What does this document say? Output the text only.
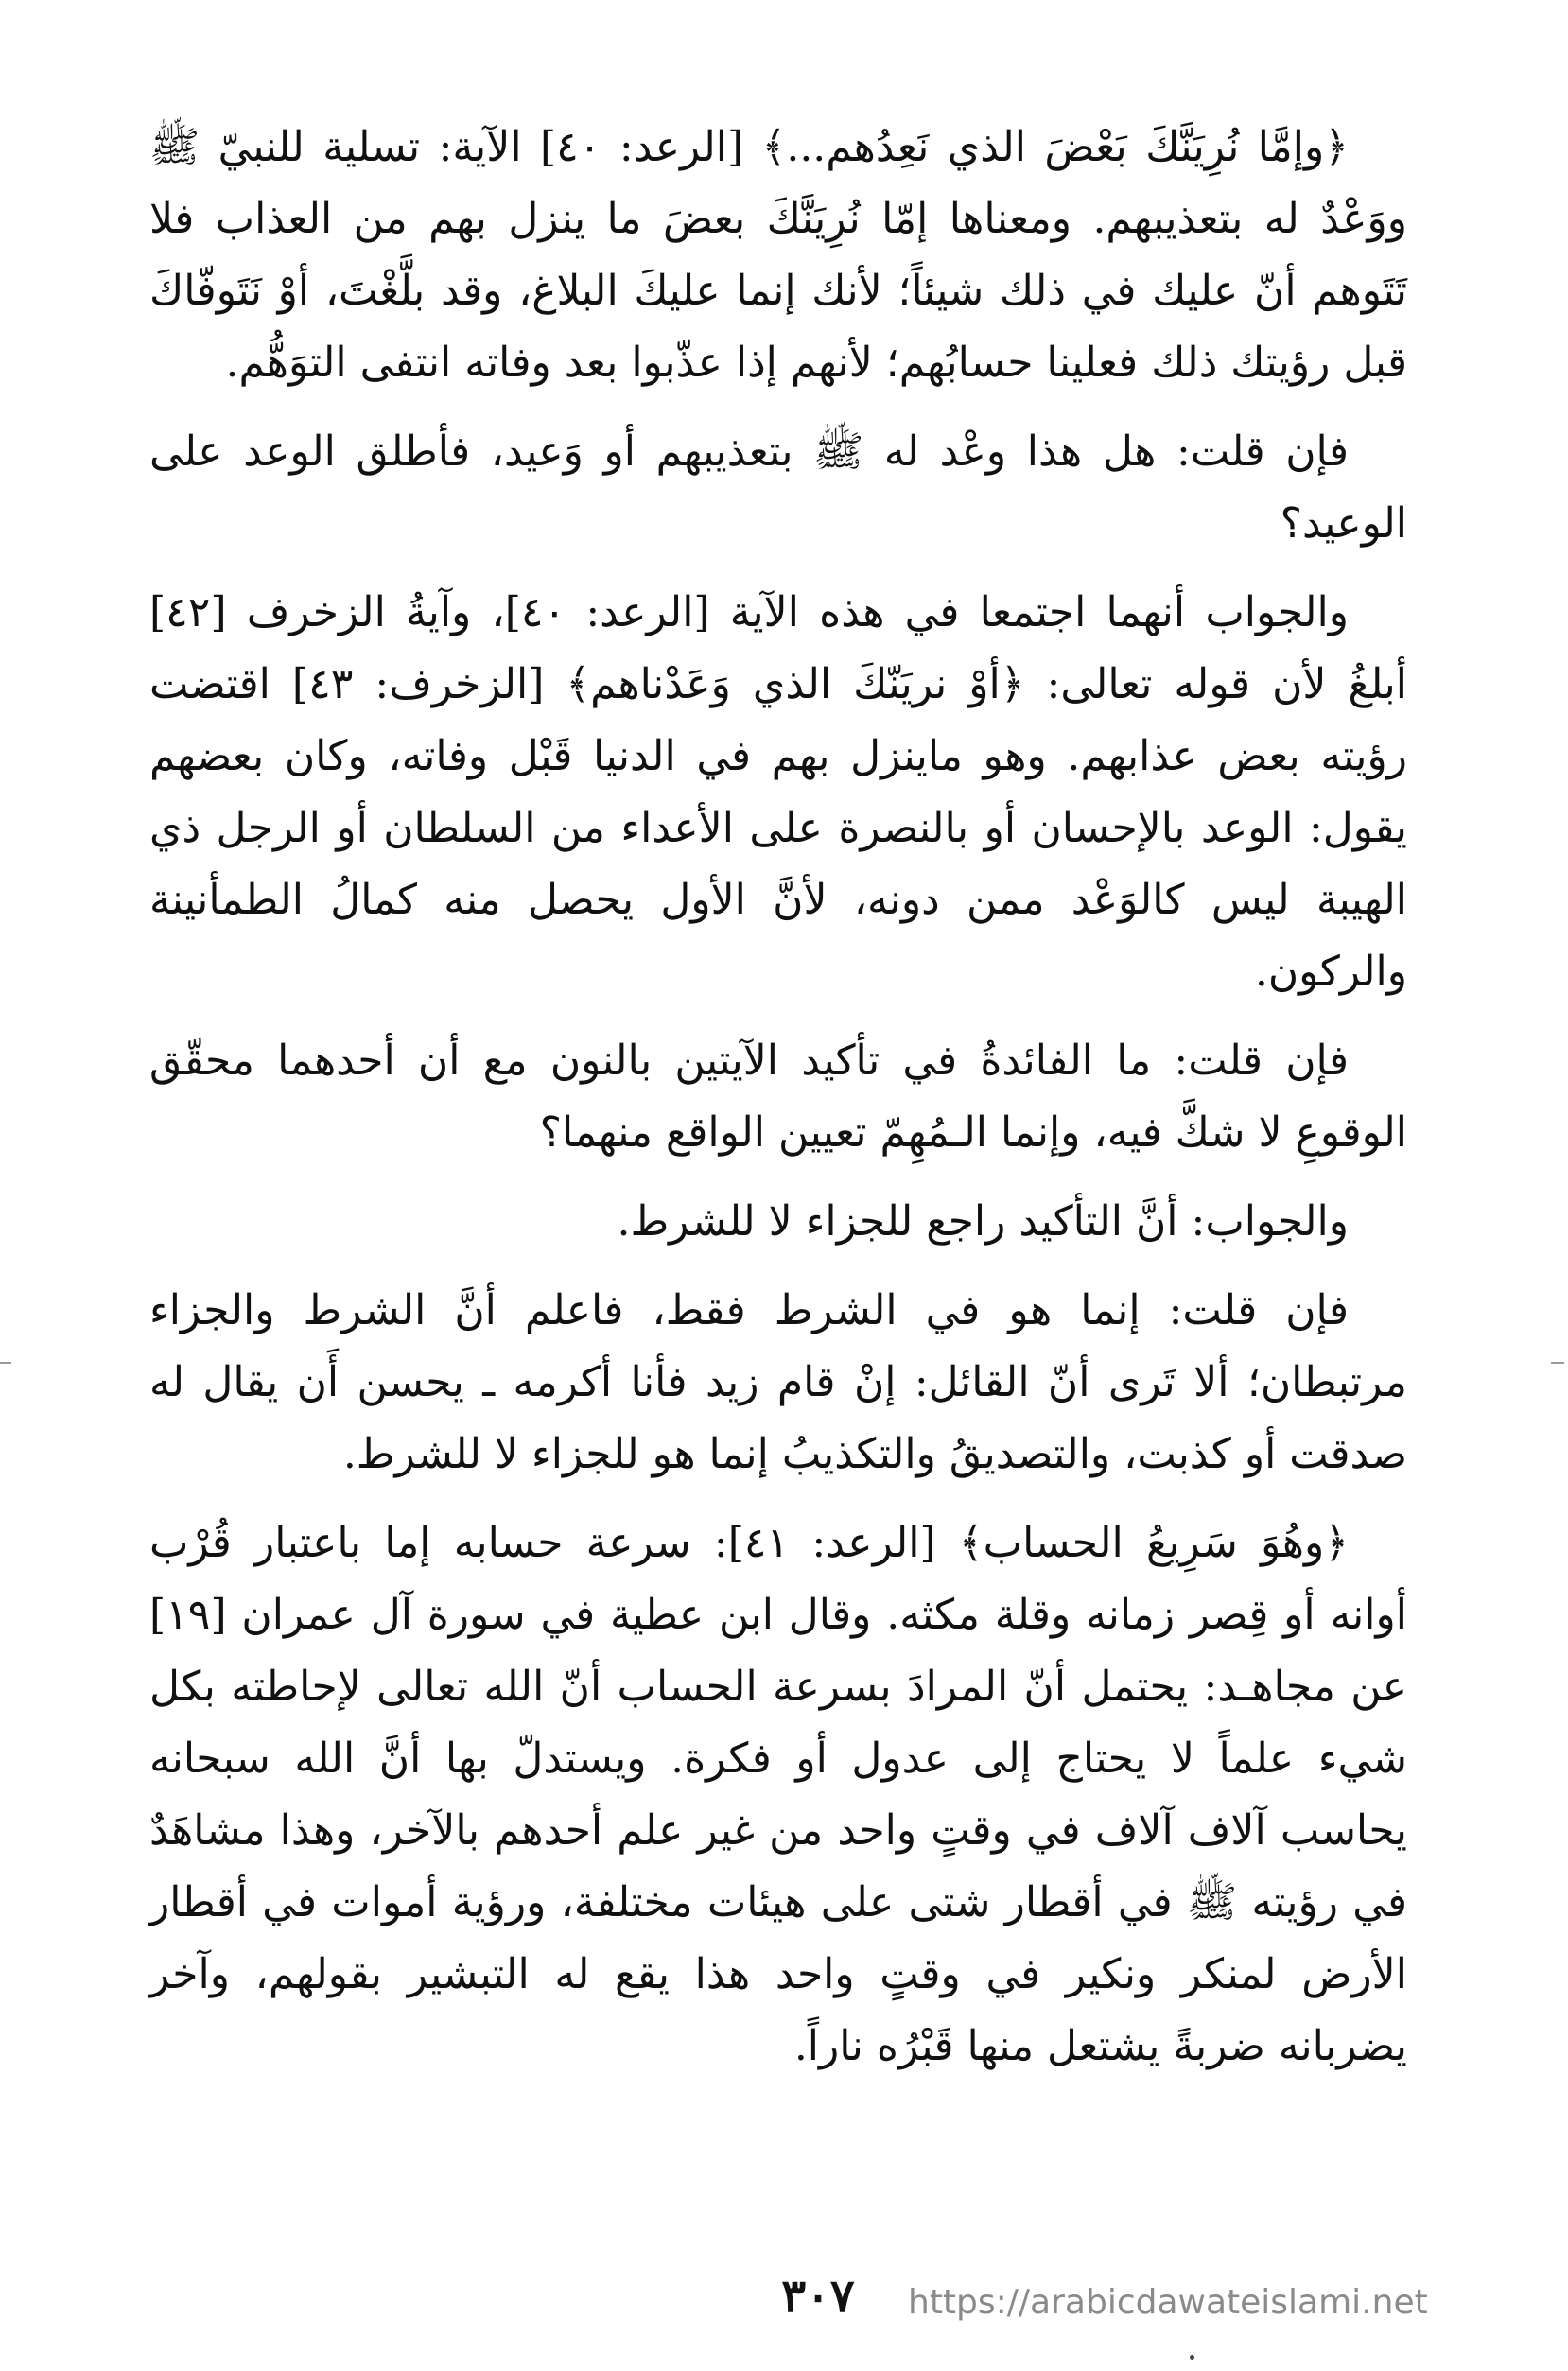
﴿وإمَّا نُرِيَنَّكَ بَعْضَ الذي نَعِدُهم...﴾ [الرعد: ٤٠] الآية: تسلية للنبيّ ﷺ ووَعْدٌ له بتعذيبهم. ومعناها إمّا نُرِيَنَّكَ بعضَ ما ينزل بهم من العذاب فلا تَتَوهم أنّ عليك في ذلك شيئاً؛ لأنك إنما عليكَ البلاغ، وقد بلَّغْتَ، أوْ نَتَوفّاكَ قبل رؤيتك ذلك فعلينا حسابُهم؛ لأنهم إذا عذّبوا بعد وفاته انتفى التوَهُّم.

فإن قلت: هل هذا وعْد له ﷺ بتعذيبهم أو وَعيد، فأطلق الوعد على الوعيد؟

والجواب أنهما اجتمعا في هذه الآية [الرعد: ٤٠]، وآيةُ الزخرف [٤٢] أبلغُ لأن قوله تعالى: ﴿أوْ نريَنّكَ الذي وَعَدْناهم﴾ [الزخرف: ٤٣] اقتضت رؤيته بعض عذابهم. وهو ماينزل بهم في الدنيا قَبْل وفاته، وكان بعضهم يقول: الوعد بالإحسان أو بالنصرة على الأعداء من السلطان أو الرجل ذي الهيبة ليس كالوَعْد ممن دونه، لأنَّ الأول يحصل منه كمالُ الطمأنينة والركون.

فإن قلت: ما الفائدةُ في تأكيد الآيتين بالنون مع أن أحدهما محقّق الوقوعِ لا شكَّ فيه، وإنما الـمُهِمّ تعيين الواقع منهما؟

والجواب: أنَّ التأكيد راجع للجزاء لا للشرط.

فإن قلت: إنما هو في الشرط فقط، فاعلم أنَّ الشرط والجزاء مرتبطان؛ ألا تَرى أنّ القائل: إنْ قام زيد فأنا أكرمه ـ يحسن أَن يقال له صدقت أو كذبت، والتصديقُ والتكذيبُ إنما هو للجزاء لا للشرط.

﴿وهُوَ سَرِيعُ الحساب﴾ [الرعد: ٤١]: سرعة حسابه إما باعتبار قُرْب أوانه أو قِصر زمانه وقلة مكثه. وقال ابن عطية في سورة آل عمران [١٩] عن مجاهـد: يحتمل أنّ المرادَ بسرعة الحساب أنّ الله تعالى لإحاطته بكل شيء علماً لا يحتاج إلى عدول أو فكرة. ويستدلّ بها أنَّ الله سبحانه يحاسب آلاف آلاف في وقتٍ واحد من غير علم أحدهم بالآخر، وهذا مشاهَدٌ في رؤيته ﷺ في أقطار شتى على هيئات مختلفة، ورؤية أموات في أقطار الأرض لمنكر ونكير في وقتٍ واحد هذا يقع له التبشير بقولهم، وآخر يضربانه ضربةً يشتعل منها قَبْرُه ناراً.

٣٠٧	https://arabicdawateislami.net
